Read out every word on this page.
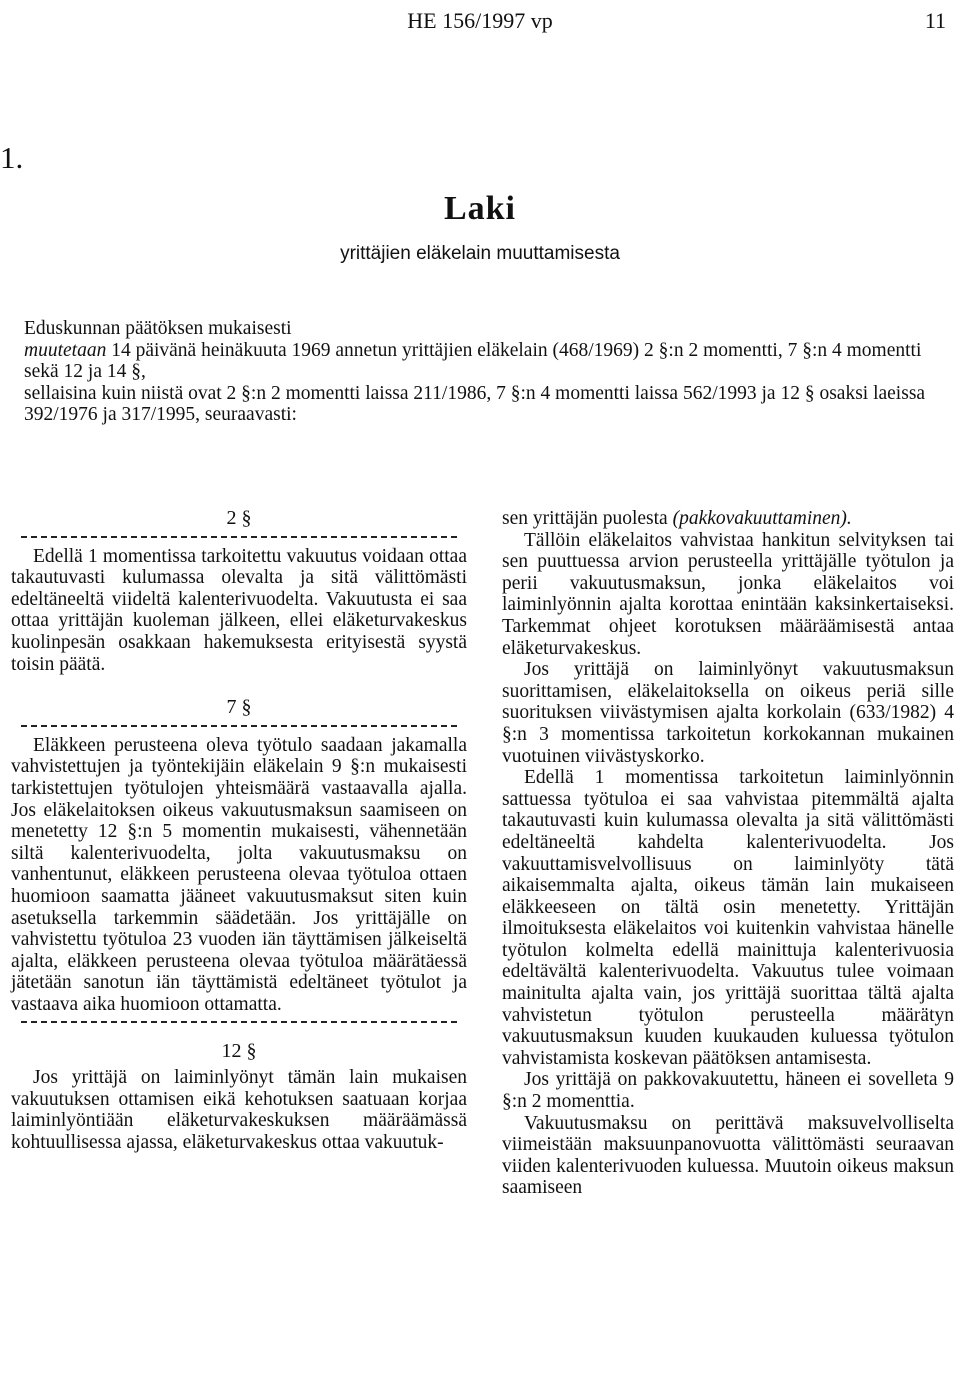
HE 156/1997 vp	11
1.
Laki
yrittäjien eläkelain muuttamisesta

Eduskunnan päätöksen mukaisesti

muutetaan 14 päivänä heinäkuuta 1969 annetun yrittäjien eläkelain (468/1969) 2 §:n 2 momentti, 7 §:n 4 momentti sekä 12 ja 14 §,

sellaisina kuin niistä ovat 2 §:n 2 momentti laissa 211/1986, 7 §:n 4 momentti laissa 562/1993 ja 12 § osaksi laeissa 392/1976 ja 317/1995, seuraavasti:

2 §

Edellä 1 momentissa tarkoitettu vakuutus voidaan ottaa takautuvasti kulumassa olevalta ja sitä välittömästi edeltäneeltä viideltä kalenterivuodelta. Vakuutusta ei saa ottaa yrittäjän kuoleman jälkeen, ellei eläketurvakeskus kuolinpesän osakkaan hakemuksesta erityisestä syystä toisin päätä.

7 §

Eläkkeen perusteena oleva työtulo saadaan jakamalla vahvistettujen ja työntekijäin eläkelain 9 §:n mukaisesti tarkistettujen työtulojen yhteismäärä vastaavalla ajalla. Jos eläkelaitoksen oikeus vakuutusmaksun saamiseen on menetetty 12 §:n 5 momentin mukaisesti, vähennetään siltä kalenterivuodelta, jolta vakuutusmaksu on vanhentunut, eläkkeen perusteena olevaa työtuloa ottaen huomioon saamatta jääneet vakuutusmaksut siten kuin asetuksella tarkemmin säädetään. Jos yrittäjälle on vahvistettu työtuloa 23 vuoden iän täyttämisen jälkeiseltä ajalta, eläkkeen perusteena olevaa työtuloa määrätäessä jätetään sanotun iän täyttämistä edeltäneet työtulot ja vastaava aika huomioon ottamatta.

12 §

Jos yrittäjä on laiminlyönyt tämän lain mukaisen vakuutuksen ottamisen eikä kehotuksen saatuaan korjaa laiminlyöntiään eläketurvakeskuksen määräämässä kohtuullisessa ajassa, eläketurvakeskus ottaa vakuutuk-

sen yrittäjän puolesta (pakkovakuuttaminen).

Tällöin eläkelaitos vahvistaa hankitun selvityksen tai sen puuttuessa arvion perusteella yrittäjälle työtulon ja perii vakuutusmaksun, jonka eläkelaitos voi laiminlyönnin ajalta korottaa enintään kaksinkertaiseksi. Tarkemmat ohjeet korotuksen määräämisestä antaa eläketurvakeskus.

Jos yrittäjä on laiminlyönyt vakuutusmaksun suorittamisen, eläkelaitoksella on oikeus periä sille suorituksen viivästymisen ajalta korkolain (633/1982) 4 §:n 3 momentissa tarkoitetun korkokannan mukainen vuotuinen viivästyskorko.

Edellä 1 momentissa tarkoitetun laiminlyönnin sattuessa työtuloa ei saa vahvistaa pitemmältä ajalta takautuvasti kuin kulumassa olevalta ja sitä välittömästi edeltäneeltä kahdelta kalenterivuodelta. Jos vakuuttamisvelvollisuus on laiminlyöty tätä aikaisemmalta ajalta, oikeus tämän lain mukaiseen eläkkeeseen on tältä osin menetetty. Yrittäjän ilmoituksesta eläkelaitos voi kuitenkin vahvistaa hänelle työtulon kolmelta edellä mainittuja kalenterivuosia edeltävältä kalenterivuodelta. Vakuutus tulee voimaan mainitulta ajalta vain, jos yrittäjä suorittaa tältä ajalta vahvistetun työtulon perusteella määrätyn vakuutusmaksun kuuden kuukauden kuluessa työtulon vahvistamista koskevan päätöksen antamisesta.

Jos yrittäjä on pakkovakuutettu, häneen ei sovelleta 9 §:n 2 momenttia.

Vakuutusmaksu on perittävä maksuvelvolliselta viimeistään maksuunpanovuotta välittömästi seuraavan viiden kalenterivuoden kuluessa. Muutoin oikeus maksun saamiseen
